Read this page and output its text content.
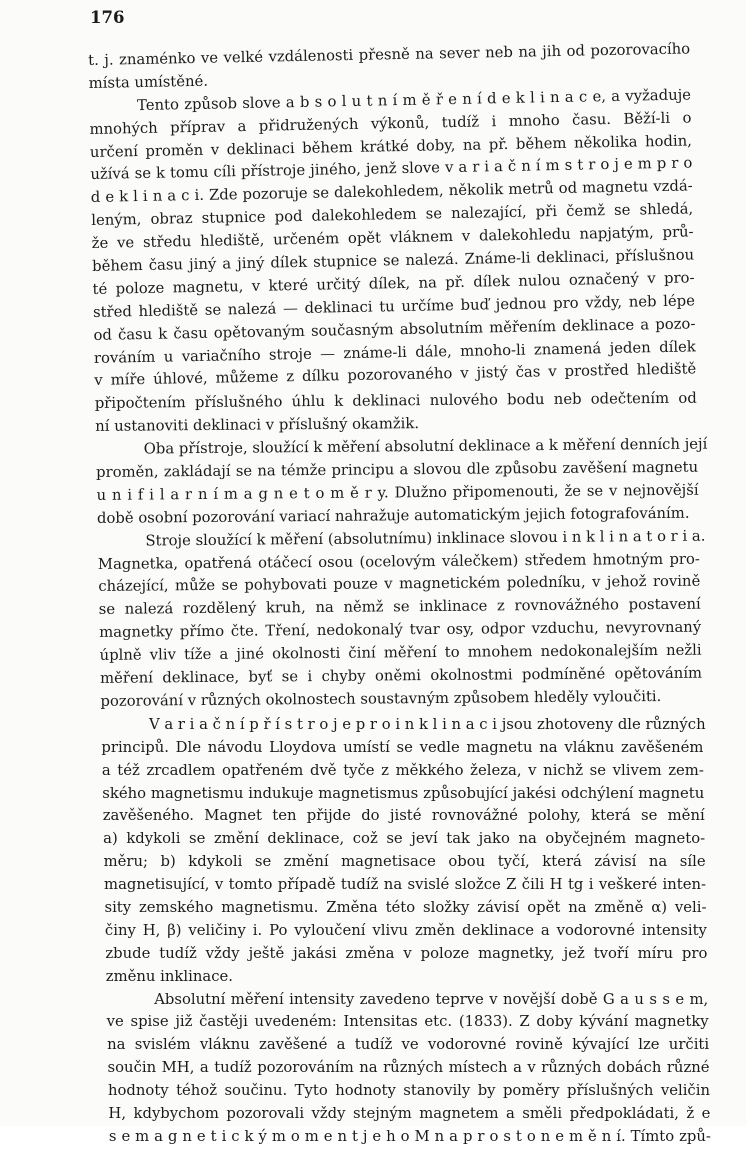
176
t. j. znaménko ve velké vzdálenosti přesně na sever neb na jih od pozorovacího
místa umístěné.
Tento způsob slove a b s o l u t n í m ě ř e n í d e k l i n a c e, a vyžaduje
mnohých příprav a přidružených výkonů, tudíž i mnoho času. Běží-li o
určení proměn v deklinaci během krátké doby, na př. během několika hodin,
užívá se k tomu cíli přístroje jiného, jenž slove v a r i a č n í m s t r o j e m p r o
d e k l i n a c i. Zde pozoruje se dalekohledem, několik metrů od magnetu vzdá-
leným, obraz stupnice pod dalekohledem se nalezající, při čemž se shledá,
že ve středu hlediště, určeném opět vláknem v dalekohledu napjatým, prů-
během času jiný a jiný dílek stupnice se nalezá. Známe-li deklinaci, příslušnou
té poloze magnetu, v které určitý dílek, na př. dílek nulou označený v pro-
střed hlediště se nalezá — deklinaci tu určíme buď jednou pro vždy, neb lépe
od času k času opětovaným současným absolutním měřením deklinace a pozo-
rováním u variačního stroje — známe-li dále, mnoho-li znamená jeden dílek
v míře úhlové, můžeme z dílku pozorovaného v jistý čas v prostřed hlediště
připočtením příslušného úhlu k deklinaci nulového bodu neb odečtením od
ní ustanoviti deklinaci v příslušný okamžik.
Oba přístroje, sloužící k měření absolutní deklinace a k měření denních její
proměn, zakládají se na témže principu a slovou dle způsobu zavěšení magnetu
u n i f i l a r n í m a g n e t o m ě r y. Dlužno připomenouti, že se v nejnovější
době osobní pozorování variací nahražuje automatickým jejich fotografováním.
Stroje sloužící k měření (absolutnímu) inklinace slovou i n k l i n a t o r i a.
Magnetka, opatřená otáčecí osou (ocelovým válečkem) středem hmotným pro-
cházející, může se pohybovati pouze v magnetickém poledníku, v jehož rovině
se nalezá rozdělený kruh, na němž se inklinace z rovnovážného postavení
magnetky přímo čte. Tření, nedokonalý tvar osy, odpor vzduchu, nevyrovnaný
úplně vliv tíže a jiné okolnosti činí měření to mnohem nedokonalejším nežli
měření deklinace, byť se i chyby oněmi okolnostmi podmíněné opětováním
pozorování v různých okolnostech soustavným způsobem hleděly vyloučiti.
V a r i a č n í p ř í s t r o j e p r o i n k l i n a c i jsou zhotoveny dle různých
principů. Dle návodu Lloydova umístí se vedle magnetu na vláknu zavěšeném
a též zrcadlem opatřeném dvě tyče z měkkého železa, v nichž se vlivem zem-
ského magnetismu indukuje magnetismus způsobující jakési odchýlení magnetu
zavěšeného. Magnet ten přijde do jisté rovnovážné polohy, která se mění
a) kdykoli se změní deklinace, což se jeví tak jako na obyčejném magneto-
měru; b) kdykoli se změní magnetisace obou tyčí, která závisí na síle
magnetisující, v tomto případě tudíž na svislé složce Z čili H tg i veškeré inten-
sity zemského magnetismu. Změna této složky závisí opět na změně α) veli-
činy H, β) veličiny i. Po vyloučení vlivu změn deklinace a vodorovné intensity
zbude tudíž vždy ještě jakási změna v poloze magnetky, jež tvoří míru pro
změnu inklinace.
Absolutní měření intensity zavedeno teprve v novější době G a u s s e m,
ve spise již častěji uvedeném: Intensitas etc. (1833). Z doby kývání magnetky
na svislém vláknu zavěšené a tudíž ve vodorovné rovině kývající lze určiti
součin MH, a tudíž pozorováním na různých místech a v různých dobách různé
hodnoty téhož součinu. Tyto hodnoty stanovily by poměry příslušných veličin
H, kdybychom pozorovali vždy stejným magnetem a směli předpokládati, ž e
s e m a g n e t i c k ý m o m e n t j e h o M n a p r o s t o n e m ě n í. Tímto způ-
